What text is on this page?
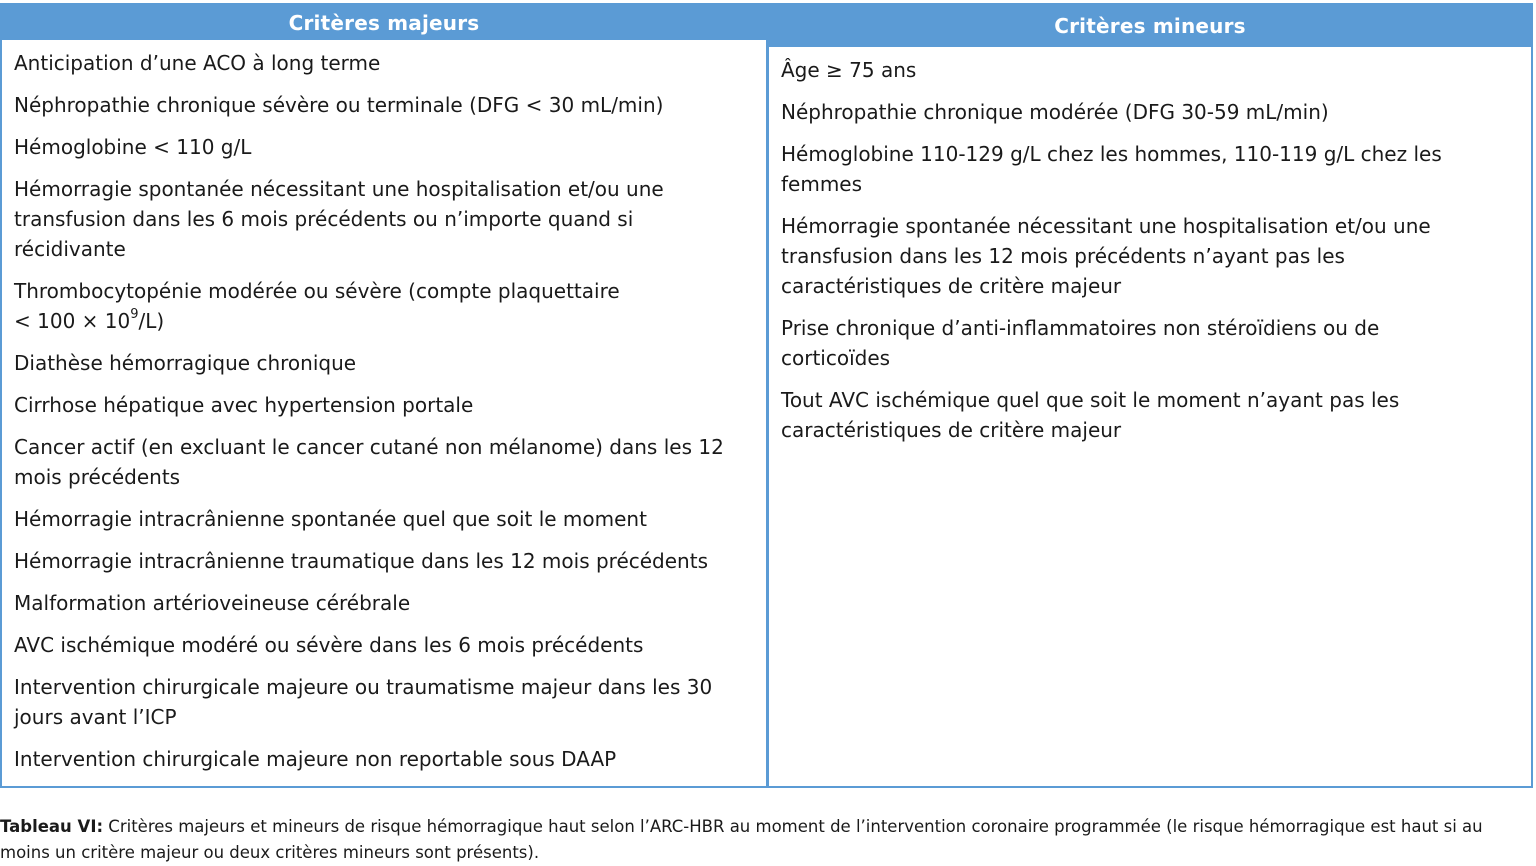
Critères majeurs
Anticipation d’une ACO à long terme
Néphropathie chronique sévère ou terminale (DFG < 30 mL/min)
Hémoglobine < 110 g/L
Hémorragie spontanée nécessitant une hospitalisation et/ou une transfusion dans les 6 mois précédents ou n’importe quand si récidivante
Thrombocytopénie modérée ou sévère (compte plaquettaire
< $100 \times 10^9/L$)
Diathèse hémorragique chronique
Cirrhose hépatique avec hypertension portale
Cancer actif (en excluant le cancer cutané non mélanome) dans les 12 mois précédents
Hémorragie intracrânienne spontanée quel que soit le moment
Hémorragie intracrânienne traumatique dans les 12 mois précédents
Malformation artérioveineuse cérébrale
AVC ischémique modéré ou sévère dans les 6 mois précédents
Intervention chirurgicale majeure ou traumatisme majeur dans les 30 jours avant l’ICP
Intervention chirurgicale majeure non reportable sous DAAP
Critères mineurs
Âge ≥ 75 ans
Néphropathie chronique modérée (DFG 30-59 mL/min)
Hémoglobine 110-129 g/L chez les hommes, 110-119 g/L chez les femmes
Hémorragie spontanée nécessitant une hospitalisation et/ou une transfusion dans les 12 mois précédents n’ayant pas les caractéristiques de critère majeur
Prise chronique d’anti-inflammatoires non stéroïdiens ou de corticoïdes
Tout AVC ischémique quel que soit le moment n’ayant pas les caractéristiques de critère majeur
Tableau VI: Critères majeurs et mineurs de risque hémorragique haut selon l’ARC-HBR au moment de l’intervention coronaire programmée (le risque hémorragique est haut si au moins un critère majeur ou deux critères mineurs sont présents).
